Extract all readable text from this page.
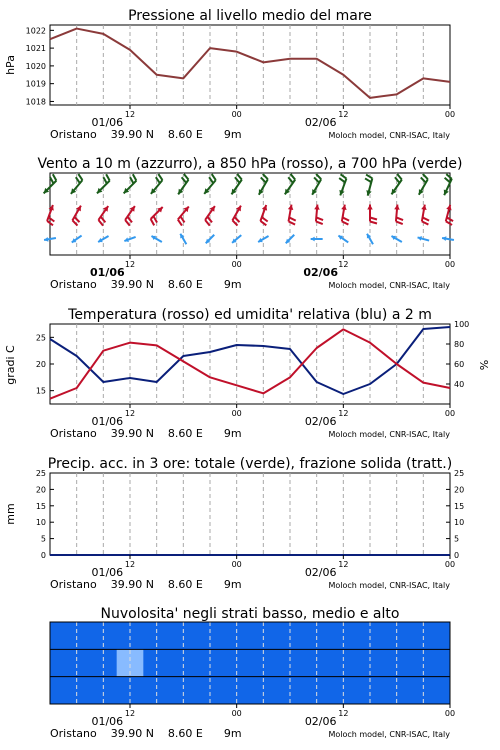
Pressione al livello medio del mare
1018
1019
1020
1021
1022
hPa
12	00	12	00
01/06	02/06
Oristano    39.90 N    8.60 E      9m	Moloch model, CNR-ISAC, Italy
Vento a 10 m (azzurro), a 850 hPa (rosso), a 700 hPa (verde)
12	00	12	00
01/06	02/06
Oristano    39.90 N    8.60 E      9m	Moloch model, CNR-ISAC, Italy
Temperatura (rosso) ed umidita' relativa (blu) a 2 m
15
20
25
40
60
80
100
gradi C	%
12	00	12	00
01/06	02/06
Oristano    39.90 N    8.60 E      9m	Moloch model, CNR-ISAC, Italy
Precip. acc. in 3 ore: totale (verde), frazione solida (tratt.)
0
5
10
15
20
25
0
5
10
15
20
25
mm
12	00	12	00
01/06	02/06
Oristano    39.90 N    8.60 E      9m	Moloch model, CNR-ISAC, Italy
Nuvolosita' negli strati basso, medio e alto
12	00	12	00
01/06	02/06
Oristano    39.90 N    8.60 E      9m	Moloch model, CNR-ISAC, Italy
